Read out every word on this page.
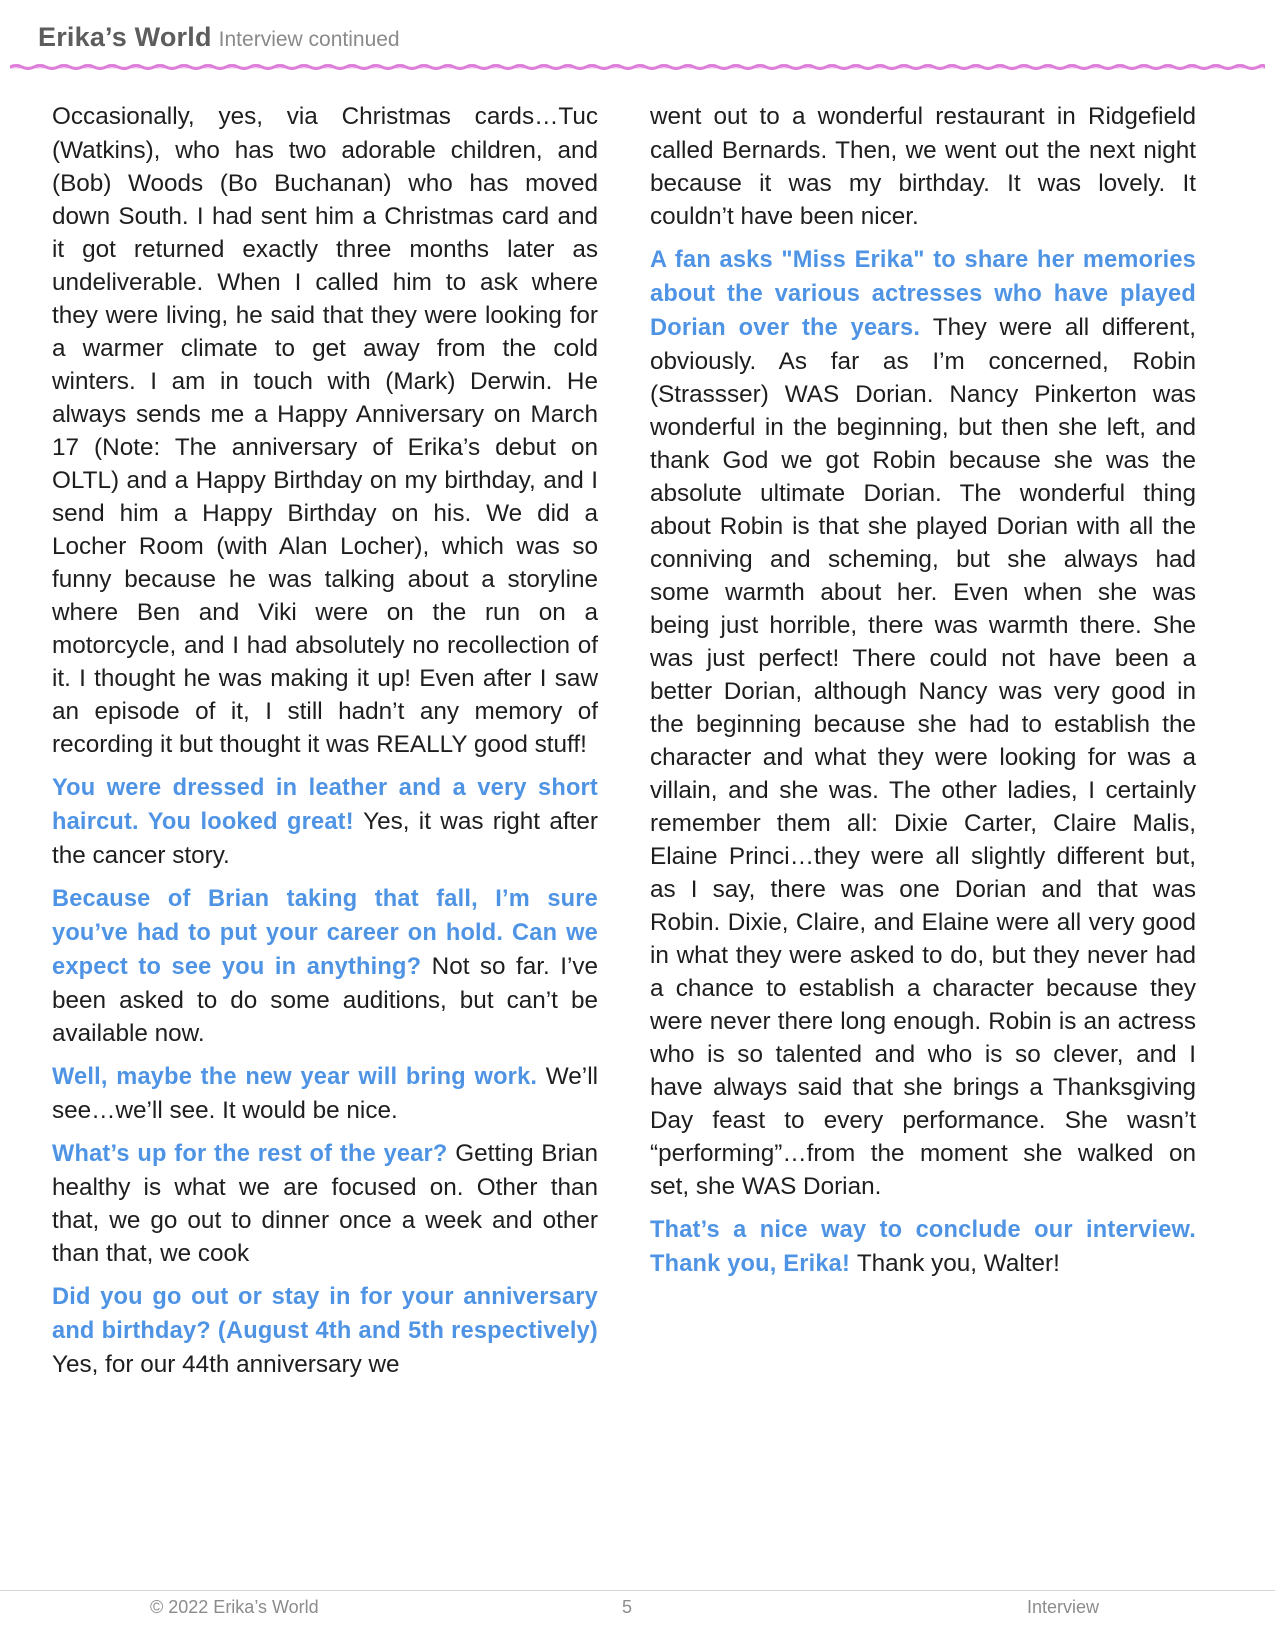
Erika’s World Interview continued

Occasionally, yes, via Christmas cards…Tuc (Watkins), who has two adorable children, and (Bob) Woods (Bo Buchanan) who has moved down South. I had sent him a Christmas card and it got returned exactly three months later as undeliverable. When I called him to ask where they were living, he said that they were looking for a warmer climate to get away from the cold winters. I am in touch with (Mark) Derwin. He always sends me a Happy Anniversary on March 17 (Note: The anniversary of Erika’s debut on OLTL) and a Happy Birthday on my birthday, and I send him a Happy Birthday on his. We did a Locher Room (with Alan Locher), which was so funny because he was talking about a storyline where Ben and Viki were on the run on a motorcycle, and I had absolutely no recollection of it. I thought he was making it up! Even after I saw an episode of it, I still hadn’t any memory of recording it but thought it was REALLY good stuff!

You were dressed in leather and a very short haircut. You looked great! Yes, it was right after the cancer story.

Because of Brian taking that fall, I’m sure you’ve had to put your career on hold. Can we expect to see you in anything? Not so far. I’ve been asked to do some auditions, but can’t be available now.

Well, maybe the new year will bring work. We’ll see…we’ll see. It would be nice.

What’s up for the rest of the year? Getting Brian healthy is what we are focused on. Other than that, we go out to dinner once a week and other than that, we cook

Did you go out or stay in for your anniversary and birthday? (August 4th and 5th respectively) Yes, for our 44th anniversary we

went out to a wonderful restaurant in Ridgefield called Bernards. Then, we went out the next night because it was my birthday. It was lovely. It couldn’t have been nicer.

A fan asks "Miss Erika" to share her memories about the various actresses who have played Dorian over the years. They were all different, obviously. As far as I’m concerned, Robin (Strassser) WAS Dorian. Nancy Pinkerton was wonderful in the beginning, but then she left, and thank God we got Robin because she was the absolute ultimate Dorian. The wonderful thing about Robin is that she played Dorian with all the conniving and scheming, but she always had some warmth about her. Even when she was being just horrible, there was warmth there. She was just perfect! There could not have been a better Dorian, although Nancy was very good in the beginning because she had to establish the character and what they were looking for was a villain, and she was. The other ladies, I certainly remember them all: Dixie Carter, Claire Malis, Elaine Princi…they were all slightly different but, as I say, there was one Dorian and that was Robin. Dixie, Claire, and Elaine were all very good in what they were asked to do, but they never had a chance to establish a character because they were never there long enough. Robin is an actress who is so talented and who is so clever, and I have always said that she brings a Thanksgiving Day feast to every performance. She wasn’t “performing”…from the moment she walked on set, she WAS Dorian.

That’s a nice way to conclude our interview. Thank you, Erika! Thank you, Walter!

© 2022 Erika’s World	5	Interview
